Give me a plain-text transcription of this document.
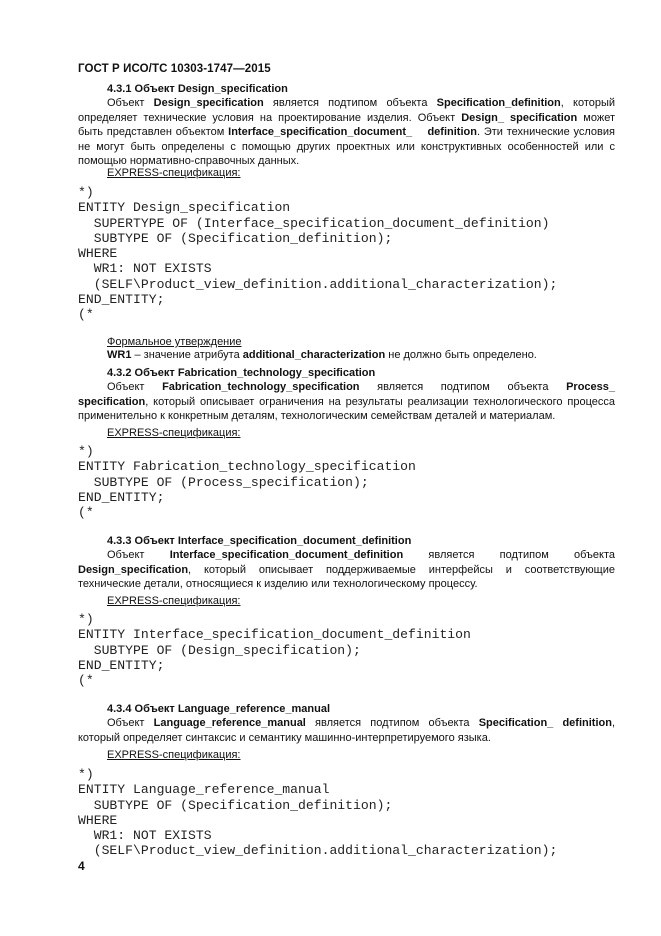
ГОСТ Р ИСО/ТС 10303-1747—2015
4.3.1 Объект Design_specification
Объект Design_specification является подтипом объекта Specification_definition, который определяет технические условия на проектирование изделия. Объект Design_ specification может быть представлен объектом Interface_specification_document_    definition. Эти технические условия не могут быть определены с помощью других проектных или конструктивных особенностей или с помощью нормативно-справочных данных.
EXPRESS-спецификация:
*)
ENTITY Design_specification
SUPERTYPE OF (Interface_specification_document_definition)
SUBTYPE OF (Specification_definition);
WHERE
WR1: NOT EXISTS
(SELF\Product_view_definition.additional_characterization);
END_ENTITY;
(*
Формальное утверждение
WR1 – значение атрибута additional_characterization не должно быть определено.
4.3.2 Объект Fabrication_technology_specification
Объект Fabrication_technology_specification является подтипом объекта Process_ specification, который описывает ограничения на результаты реализации технологического процесса применительно к конкретным деталям, технологическим семействам деталей и материалам.
EXPRESS-спецификация:
*)
ENTITY Fabrication_technology_specification
SUBTYPE OF (Process_specification);
END_ENTITY;
(*
4.3.3 Объект Interface_specification_document_definition
Объект Interface_specification_document_definition является подтипом объекта Design_specification, который описывает поддерживаемые интерфейсы и соответствующие технические детали, относящиеся к изделию или технологическому процессу.
EXPRESS-спецификация:
*)
ENTITY Interface_specification_document_definition
SUBTYPE OF (Design_specification);
END_ENTITY;
(*
4.3.4 Объект Language_reference_manual
Объект Language_reference_manual является подтипом объекта Specification_ definition, который определяет синтаксис и семантику машинно-интерпретируемого языка.
EXPRESS-спецификация:
*)
ENTITY Language_reference_manual
SUBTYPE OF (Specification_definition);
WHERE
WR1: NOT EXISTS
(SELF\Product_view_definition.additional_characterization);
4
